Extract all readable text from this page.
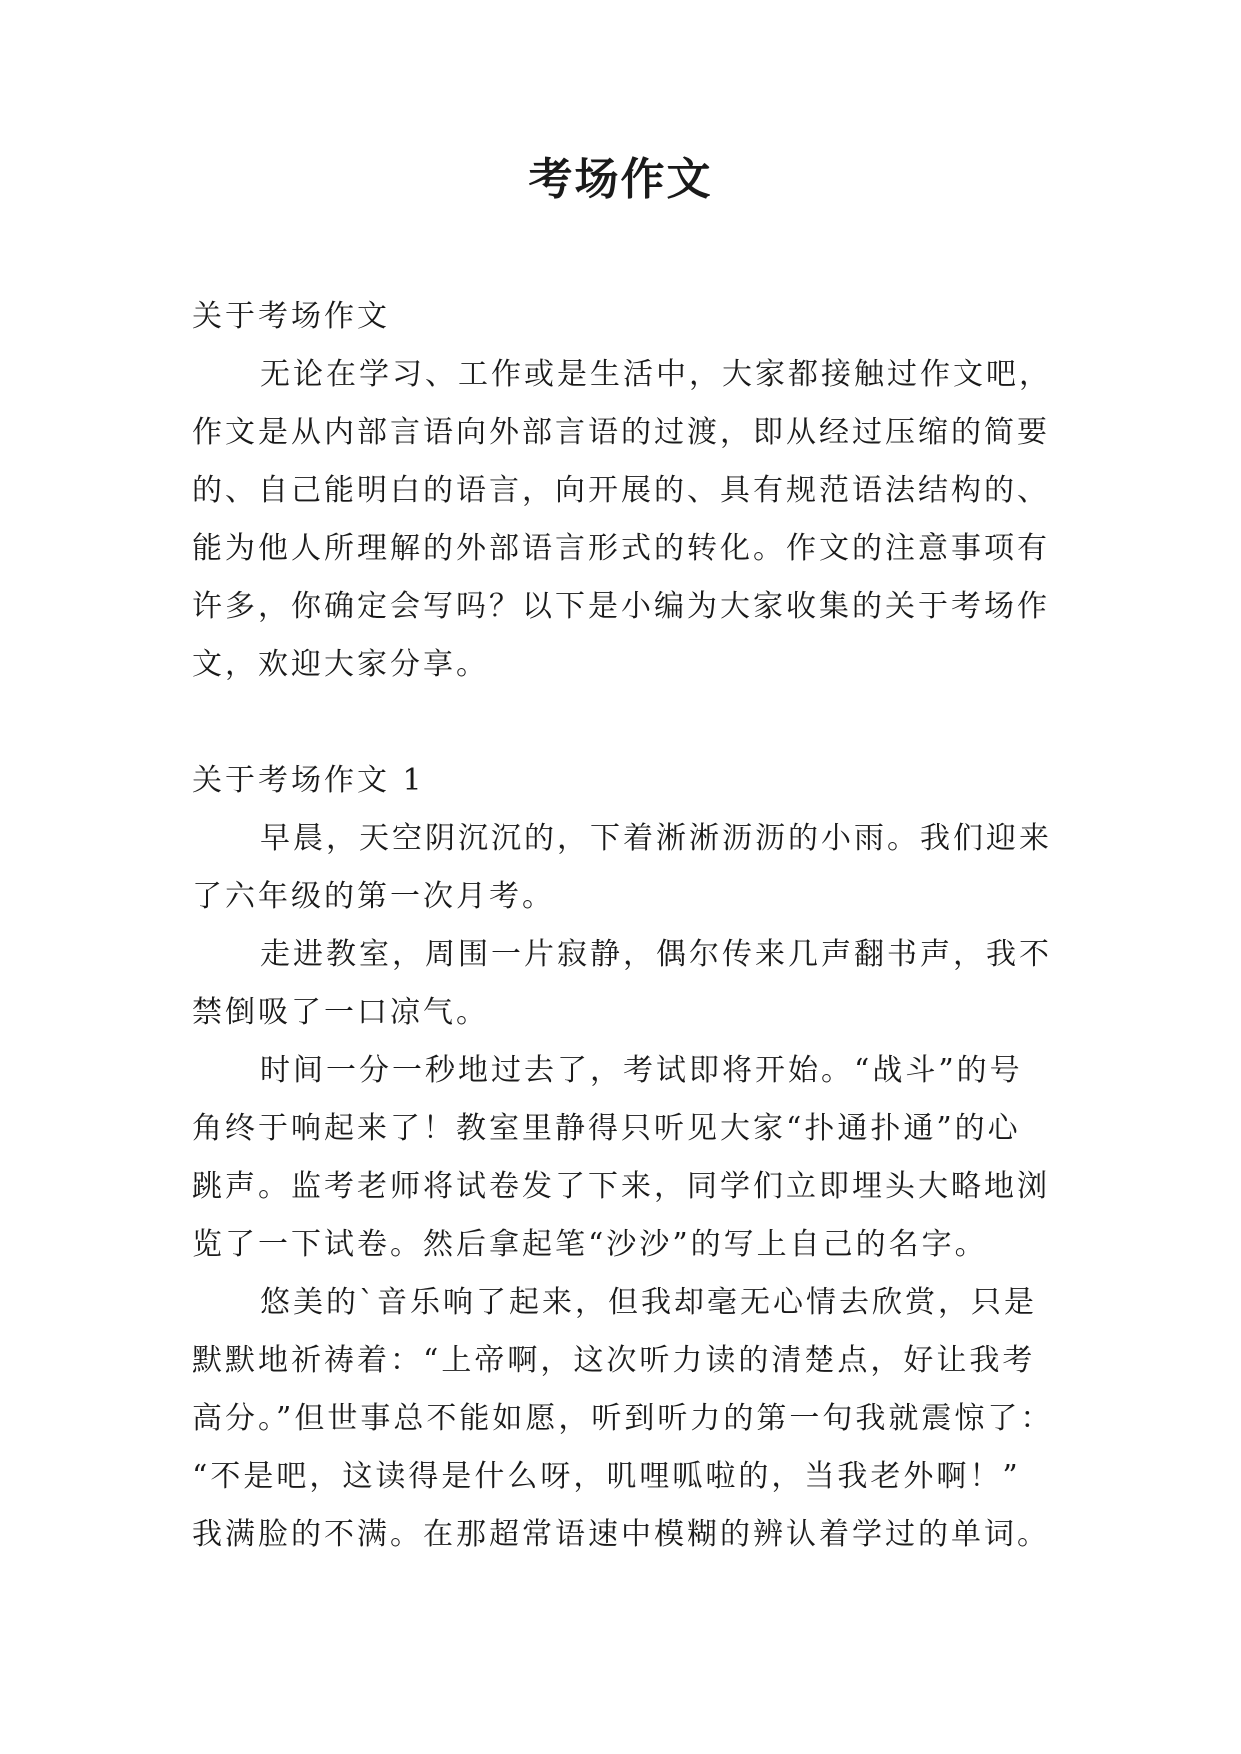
考场作文
关于考场作文
无论在学习、工作或是生活中，大家都接触过作文吧，
作文是从内部言语向外部言语的过渡，即从经过压缩的简要
的、自己能明白的语言，向开展的、具有规范语法结构的、
能为他人所理解的外部语言形式的转化。作文的注意事项有
许多，你确定会写吗？以下是小编为大家收集的关于考场作
文，欢迎大家分享。
关于考场作文 1
早晨，天空阴沉沉的，下着淅淅沥沥的小雨。我们迎来
了六年级的第一次月考。
走进教室，周围一片寂静，偶尔传来几声翻书声，我不
禁倒吸了一口凉气。
时间一分一秒地过去了，考试即将开始。“战斗”的号
角终于响起来了！教室里静得只听见大家“扑通扑通”的心
跳声。监考老师将试卷发了下来，同学们立即埋头大略地浏
览了一下试卷。然后拿起笔“沙沙”的写上自己的名字。
悠美的`音乐响了起来，但我却毫无心情去欣赏，只是
默默地祈祷着：“上帝啊，这次听力读的清楚点，好让我考
高分。”但世事总不能如愿，听到听力的第一句我就震惊了：
“不是吧，这读得是什么呀，叽哩呱啦的，当我老外啊！”
我满脸的不满。在那超常语速中模糊的辨认着学过的单词。
